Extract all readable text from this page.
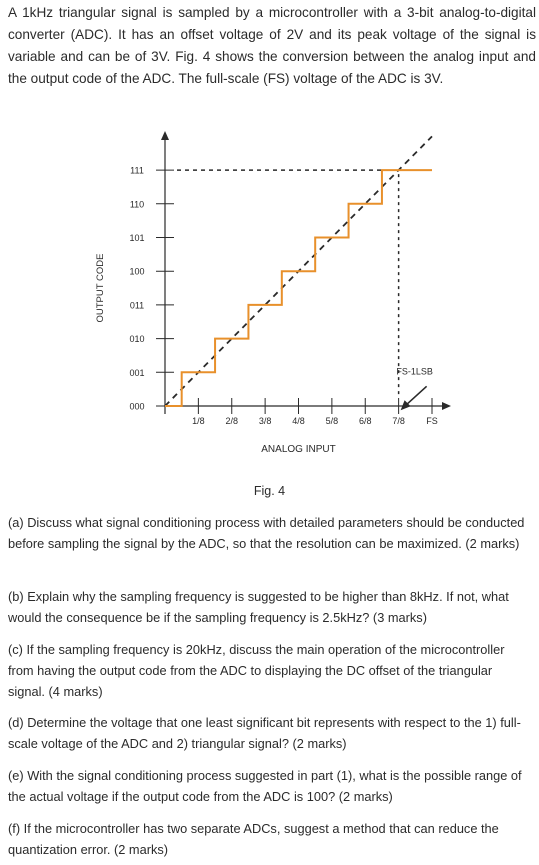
A 1kHz triangular signal is sampled by a microcontroller with a 3-bit analog-to-digital converter (ADC). It has an offset voltage of 2V and its peak voltage of the signal is variable and can be of 3V. Fig. 4 shows the conversion between the analog input and the output code of the ADC. The full-scale (FS) voltage of the ADC is 3V.

000
001
010
011
100
101
110
111
1/8 2/8 3/8 4/8 5/8 6/8 7/8 FS
ANALOG INPUT
OUTPUT CODE
FS-1LSB

Fig. 4

(a) Discuss what signal conditioning process with detailed parameters should be conducted before sampling the signal by the ADC, so that the resolution can be maximized. (2 marks)

(b) Explain why the sampling frequency is suggested to be higher than 8kHz. If not, what would the consequence be if the sampling frequency is 2.5kHz? (3 marks)

(c) If the sampling frequency is 20kHz, discuss the main operation of the microcontroller from having the output code from the ADC to displaying the DC offset of the triangular signal. (4 marks)

(d) Determine the voltage that one least significant bit represents with respect to the 1) full-scale voltage of the ADC and 2) triangular signal? (2 marks)

(e) With the signal conditioning process suggested in part (1), what is the possible range of the actual voltage if the output code from the ADC is 100? (2 marks)

(f) If the microcontroller has two separate ADCs, suggest a method that can reduce the quantization error. (2 marks)
